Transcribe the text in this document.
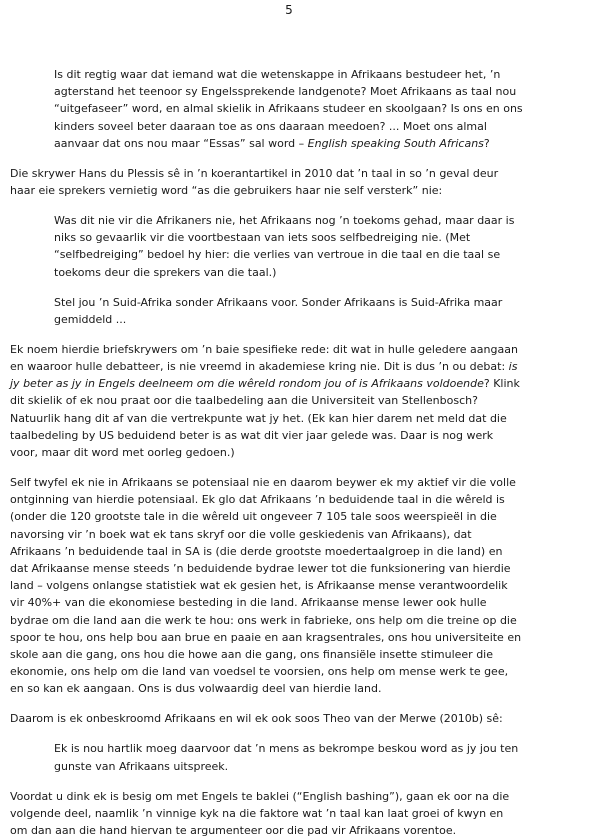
5
Is dit regtig waar dat iemand wat die wetenskappe in Afrikaans bestudeer het, ’n
agterstand het teenoor sy Engelssprekende landgenote? Moet Afrikaans as taal nou
“uitgefaseer” word, en almal skielik in Afrikaans studeer en skoolgaan? Is ons en ons
kinders soveel beter daaraan toe as ons daaraan meedoen? ... Moet ons almal
aanvaar dat ons nou maar “Essas” sal word – English speaking South Africans?
Die skrywer Hans du Plessis sê in ’n koerantartikel in 2010 dat ’n taal in so ’n geval deur
haar eie sprekers vernietig word “as die gebruikers haar nie self versterk” nie:
Was dit nie vir die Afrikaners nie, het Afrikaans nog ’n toekoms gehad, maar daar is
niks so gevaarlik vir die voortbestaan van iets soos selfbedreiging nie. (Met
“selfbedreiging” bedoel hy hier: die verlies van vertroue in die taal en die taal se
toekoms deur die sprekers van die taal.)
Stel jou ’n Suid-Afrika sonder Afrikaans voor. Sonder Afrikaans is Suid-Afrika maar
gemiddeld ...
Ek noem hierdie briefskrywers om ’n baie spesifieke rede: dit wat in hulle geledere aangaan
en waaroor hulle debatteer, is nie vreemd in akademiese kring nie. Dit is dus ’n ou debat: is
jy beter as jy in Engels deelneem om die wêreld rondom jou of is Afrikaans voldoende? Klink
dit skielik of ek nou praat oor die taalbedeling aan die Universiteit van Stellenbosch?
Natuurlik hang dit af van die vertrekpunte wat jy het. (Ek kan hier darem net meld dat die
taalbedeling by US beduidend beter is as wat dit vier jaar gelede was. Daar is nog werk
voor, maar dit word met oorleg gedoen.)
Self twyfel ek nie in Afrikaans se potensiaal nie en daarom beywer ek my aktief vir die volle
ontginning van hierdie potensiaal. Ek glo dat Afrikaans ’n beduidende taal in die wêreld is
(onder die 120 grootste tale in die wêreld uit ongeveer 7 105 tale soos weerspieël in die
navorsing vir ’n boek wat ek tans skryf oor die volle geskiedenis van Afrikaans), dat
Afrikaans ’n beduidende taal in SA is (die derde grootste moedertaalgroep in die land) en
dat Afrikaanse mense steeds ’n beduidende bydrae lewer tot die funksionering van hierdie
land – volgens onlangse statistiek wat ek gesien het, is Afrikaanse mense verantwoordelik
vir 40%+ van die ekonomiese besteding in die land. Afrikaanse mense lewer ook hulle
bydrae om die land aan die werk te hou: ons werk in fabrieke, ons help om die treine op die
spoor te hou, ons help bou aan brue en paaie en aan kragsentrales, ons hou universiteite en
skole aan die gang, ons hou die howe aan die gang, ons finansiële insette stimuleer die
ekonomie, ons help om die land van voedsel te voorsien, ons help om mense werk te gee,
en so kan ek aangaan. Ons is dus volwaardig deel van hierdie land.
Daarom is ek onbeskroomd Afrikaans en wil ek ook soos Theo van der Merwe (2010b) sê:
Ek is nou hartlik moeg daarvoor dat ’n mens as bekrompe beskou word as jy jou ten
gunste van Afrikaans uitspreek.
Voordat u dink ek is besig om met Engels te baklei (“English bashing”), gaan ek oor na die
volgende deel, naamlik ’n vinnige kyk na die faktore wat ’n taal kan laat groei of kwyn en
om dan aan die hand hiervan te argumenteer oor die pad vir Afrikaans vorentoe.
